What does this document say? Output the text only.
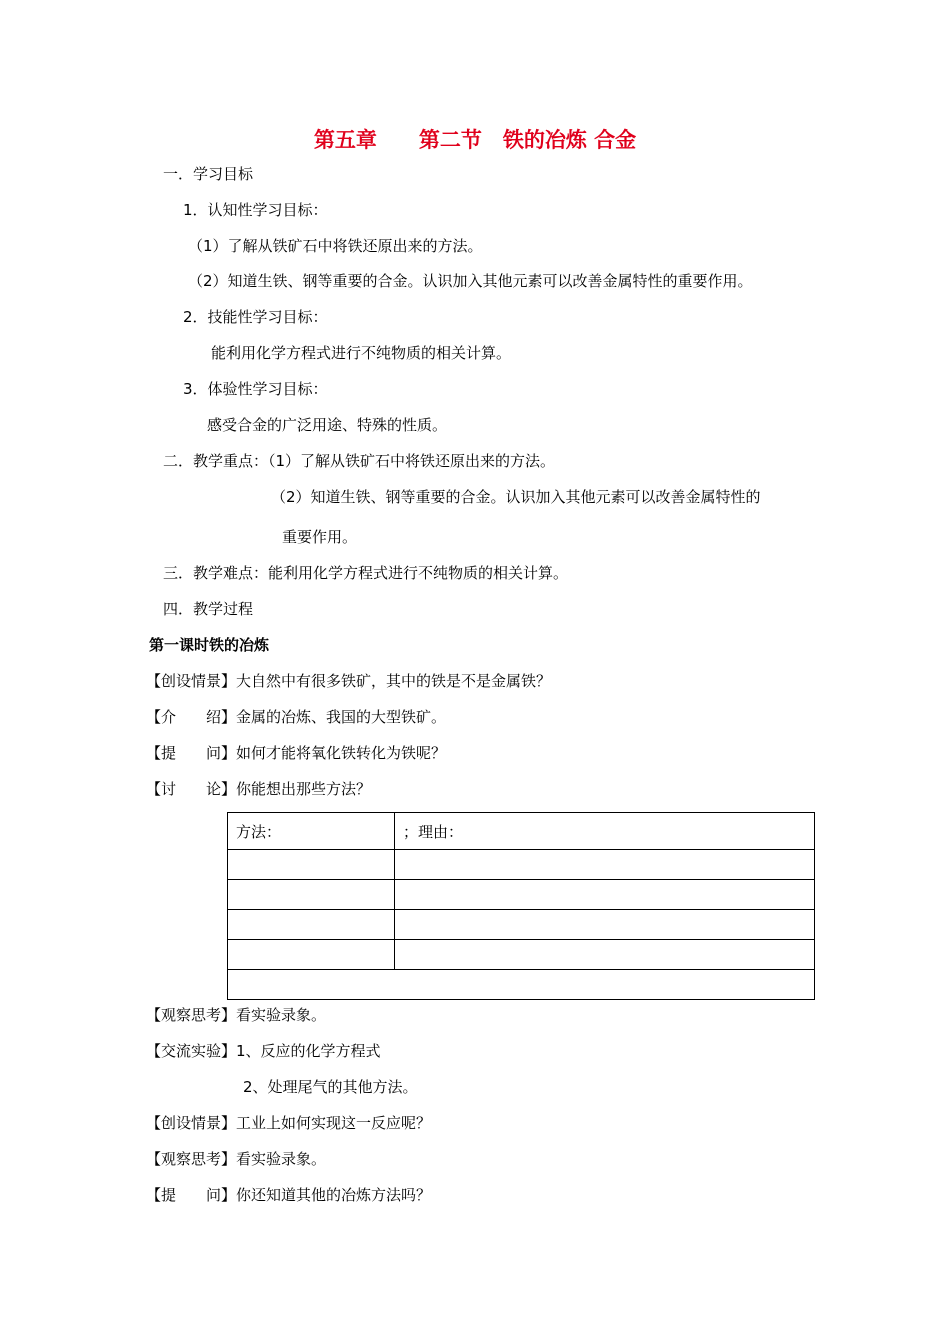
第五章　　第二节　铁的冶炼 合金
一．学习目标
1．认知性学习目标：
（1）了解从铁矿石中将铁还原出来的方法。
（2）知道生铁、钢等重要的合金。认识加入其他元素可以改善金属特性的重要作用。
2．技能性学习目标：
能利用化学方程式进行不纯物质的相关计算。
3．体验性学习目标：
感受合金的广泛用途、特殊的性质。
二．教学重点：（1）了解从铁矿石中将铁还原出来的方法。
（2）知道生铁、钢等重要的合金。认识加入其他元素可以改善金属特性的
重要作用。
三．教学难点：能利用化学方程式进行不纯物质的相关计算。
四．教学过程
第一课时铁的冶炼
【创设情景】大自然中有很多铁矿，其中的铁是不是金属铁？
【介　　绍】金属的冶炼、我国的大型铁矿。
【提　　问】如何才能将氧化铁转化为铁呢？
【讨　　论】你能想出那些方法？
方法：	；理由：

【观察思考】看实验录象。
【交流实验】1、反应的化学方程式
2、处理尾气的其他方法。
【创设情景】工业上如何实现这一反应呢？
【观察思考】看实验录象。
【提　　问】你还知道其他的冶炼方法吗？
